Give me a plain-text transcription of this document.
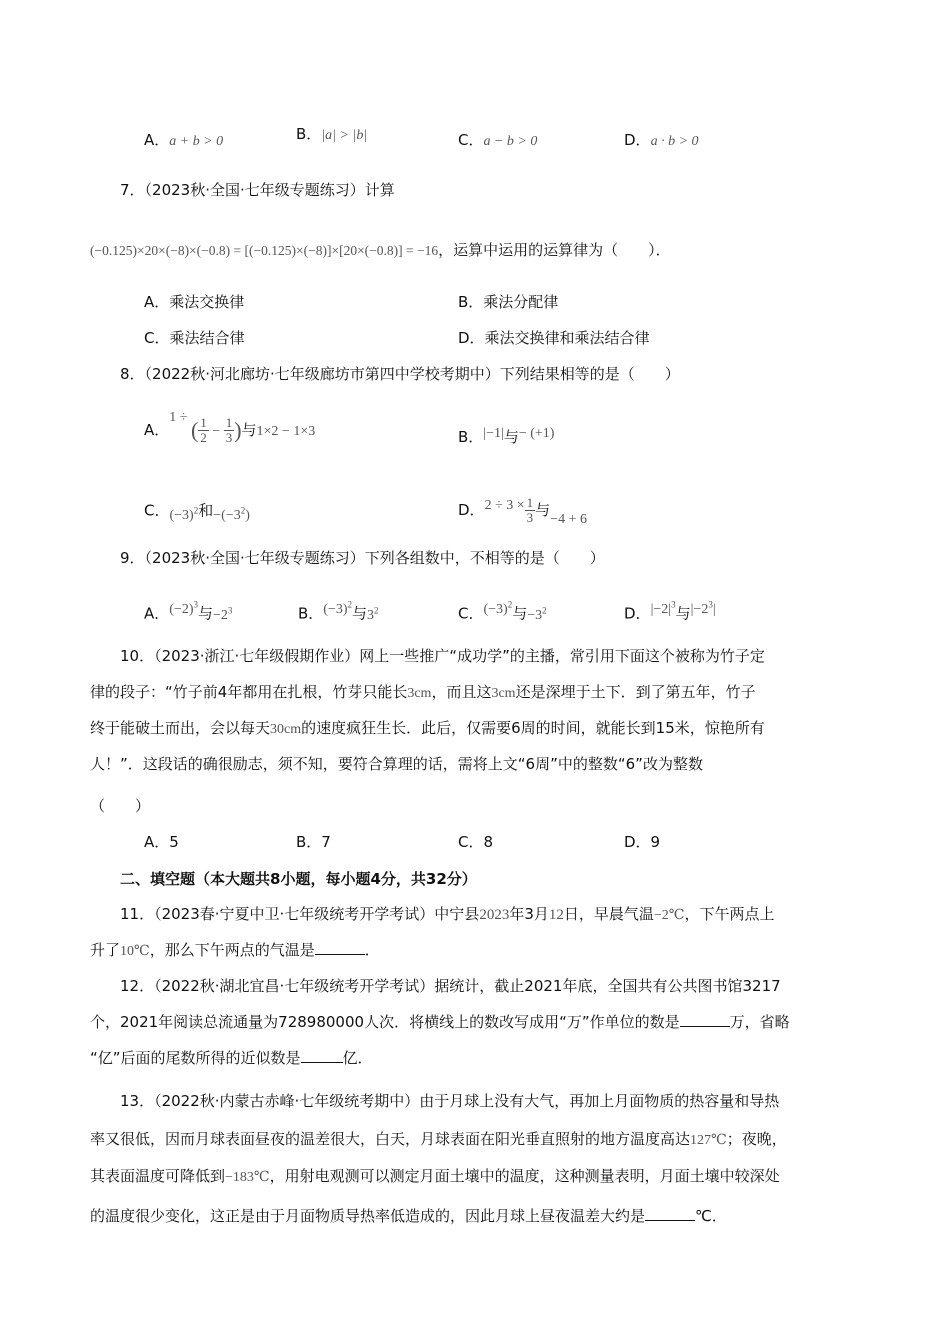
A．a + b > 0	B．|a| > |b|	C．a − b > 0	D．a · b > 0
7．（2023秋·全国·七年级专题练习）计算
(−0.125)×20×(−8)×(−0.8) = [(−0.125)×(−8)]×[20×(−0.8)] = −16，运算中运用的运算律为（　　）．
A．乘法交换律	B．乘法分配律
C．乘法结合律	D．乘法交换律和乘法结合律
8．（2022秋·河北廊坊·七年级廊坊市第四中学校考期中）下列结果相等的是（　　）
A．1 ÷ ( $\frac{1}{2} - \frac{1}{3}$ )与1×2 − 1×3	B．|−1|与− (+1)
C．$(-3)^2$和$-(-3^2)$	D．$2 \div 3 \times \frac{1}{3}$ 与−4 + 6
9．（2023秋·全国·七年级专题练习）下列各组数中，不相等的是（　　）
A．$(-2)^3$与$-2^3$	B．$(-3)^2$与$3^2$	C．$(-3)^2$与$-3^2$	D．$|-2|^3$与$|-2^3|$
10．（2023·浙江·七年级假期作业）网上一些推广“成功学”的主播，常引用下面这个被称为竹子定
律的段子：“竹子前4年都用在扎根，竹芽只能长3cm，而且这3cm还是深埋于土下．到了第五年，竹子
终于能破土而出，会以每天30cm的速度疯狂生长．此后，仅需要6周的时间，就能长到15米，惊艳所有
人！”．这段话的确很励志，须不知，要符合算理的话，需将上文“6周”中的整数“6”改为整数
（　　）
A．5	B．7	C．8	D．9
二、填空题（本大题共8小题，每小题4分，共32分）
11．（2023春·宁夏中卫·七年级统考开学考试）中宁县2023年3月12日，早晨气温−2℃，下午两点上
升了10℃，那么下午两点的气温是	．
12．（2022秋·湖北宜昌·七年级统考开学考试）据统计，截止2021年底，全国共有公共图书馆3217
个，2021年阅读总流通量为728980000人次．将横线上的数改写成用“万”作单位的数是	万，省略
“亿”后面的尾数所得的近似数是	亿．
13．（2022秋·内蒙古赤峰·七年级统考期中）由于月球上没有大气，再加上月面物质的热容量和导热
率又很低，因而月球表面昼夜的温差很大，白天，月球表面在阳光垂直照射的地方温度高达127℃；夜晚，
其表面温度可降低到−183℃，用射电观测可以测定月面土壤中的温度，这种测量表明，月面土壤中较深处
的温度很少变化，这正是由于月面物质导热率低造成的，因此月球上昼夜温差大约是	℃．
